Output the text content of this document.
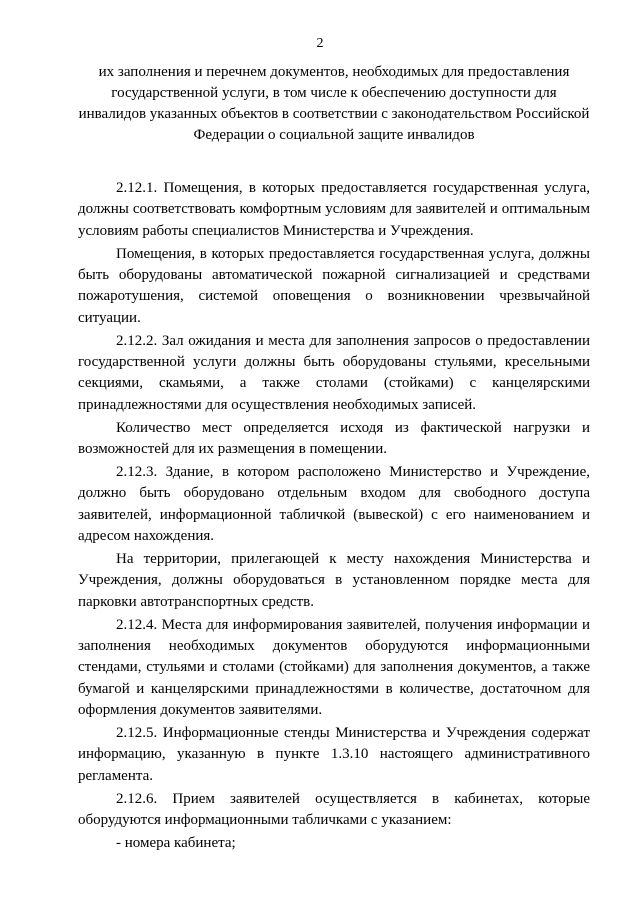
2
их заполнения и перечнем документов, необходимых для предоставления государственной услуги, в том числе к обеспечению доступности для инвалидов указанных объектов в соответствии с законодательством Российской Федерации о социальной защите инвалидов

2.12.1. Помещения, в которых предоставляется государственная услуга, должны соответствовать комфортным условиям для заявителей и оптимальным условиям работы специалистов Министерства и Учреждения.

Помещения, в которых предоставляется государственная услуга, должны быть оборудованы автоматической пожарной сигнализацией и средствами пожаротушения, системой оповещения о возникновении чрезвычайной ситуации.

2.12.2. Зал ожидания и места для заполнения запросов о предоставлении государственной услуги должны быть оборудованы стульями, кресельными секциями, скамьями, а также столами (стойками) с канцелярскими принадлежностями для осуществления необходимых записей.

Количество мест определяется исходя из фактической нагрузки и возможностей для их размещения в помещении.

2.12.3. Здание, в котором расположено Министерство и Учреждение, должно быть оборудовано отдельным входом для свободного доступа заявителей, информационной табличкой (вывеской) с его наименованием и адресом нахождения.

На территории, прилегающей к месту нахождения Министерства и Учреждения, должны оборудоваться в установленном порядке места для парковки автотранспортных средств.

2.12.4. Места для информирования заявителей, получения информации и заполнения необходимых документов оборудуются информационными стендами, стульями и столами (стойками) для заполнения документов, а также бумагой и канцелярскими принадлежностями в количестве, достаточном для оформления документов заявителями.

2.12.5. Информационные стенды Министерства и Учреждения содержат информацию, указанную в пункте 1.3.10 настоящего административного регламента.

2.12.6. Прием заявителей осуществляется в кабинетах, которые оборудуются информационными табличками с указанием:

- номера кабинета;
